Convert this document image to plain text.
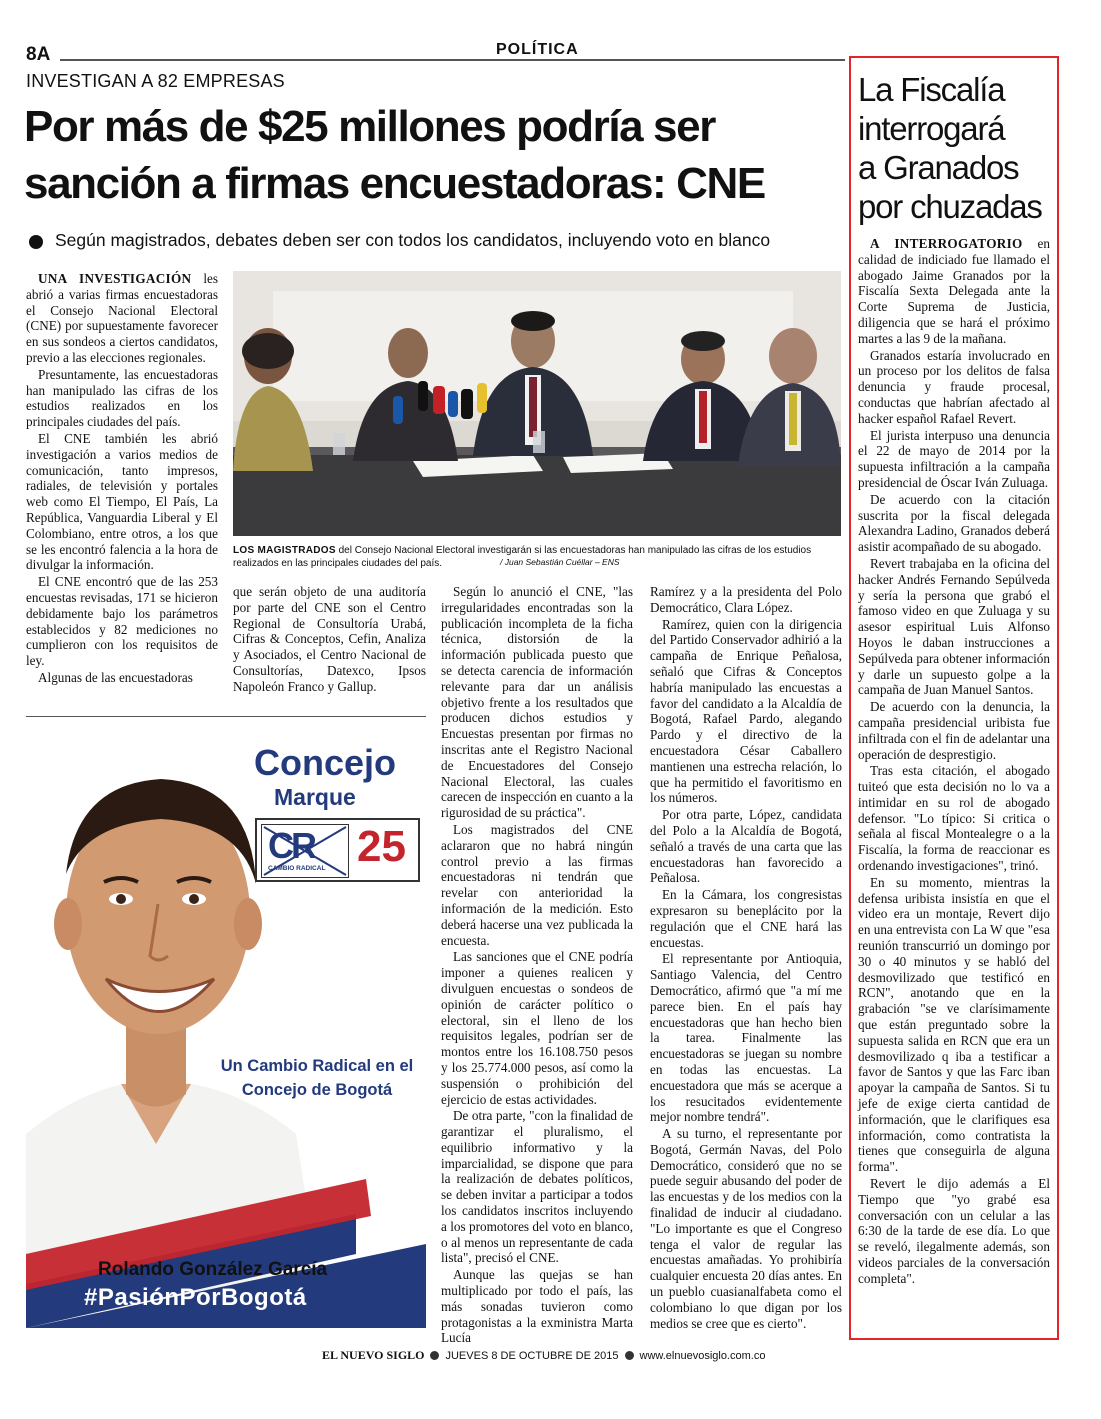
8A	POLÍTICA
INVESTIGAN A 82 EMPRESAS
Por más de $25 millones podría ser
sanción a firmas encuestadoras: CNE
Según magistrados, debates deben ser con todos los candidatos, incluyendo voto en blanco

UNA INVESTIGACIÓN les abrió a varias firmas encuestadoras el Consejo Nacional Electoral (CNE) por supuestamente favorecer en sus sondeos a ciertos candidatos, previo a las elecciones regionales.

Presuntamente, las encuestadoras han manipulado las cifras de los estudios realizados en los principales ciudades del país.

El CNE también les abrió investigación a varios medios de comunicación, tanto impresos, radiales, de televisión y portales web como El Tiempo, El País, La República, Vanguardia Liberal y El Colombiano, entre otros, a los que se les encontró falencia a la hora de divulgar la información.

El CNE encontró que de las 253 encuestas revisadas, 171 se hicieron debidamente bajo los parámetros establecidos y 82 mediciones no cumplieron con los requisitos de ley.

Algunas de las encuestadoras

/ Juan Sebastián Cuéllar – ENS
LOS MAGISTRADOS del Consejo Nacional Electoral investigarán si las encuestadoras han manipulado las cifras de los estudios realizados en las principales ciudades del país.

que serán objeto de una auditoría por parte del CNE son el Centro Regional de Consultoría Urabá, Cifras & Conceptos, Cefin, Analiza y Asociados, el Centro Nacional de Consultorías, Datexco, Ipsos Napoleón Franco y Gallup.

Según lo anunció el CNE, "las irregularidades encontradas son la publicación incompleta de la ficha técnica, distorsión de la información publicada puesto que se detecta carencia de información relevante para dar un análisis objetivo frente a los resultados que producen dichos estudios y Encuestas presentan por firmas no inscritas ante el Registro Nacional de Encuestadores del Consejo Nacional Electoral, las cuales carecen de inspección en cuanto a la rigurosidad de su práctica".

Los magistrados del CNE aclararon que no habrá ningún control previo a las firmas encuestadoras ni tendrán que revelar con anterioridad la información de la medición. Esto deberá hacerse una vez publicada la encuesta.

Las sanciones que el CNE podría imponer a quienes realicen y divulguen encuestas o sondeos de opinión de carácter político o electoral, sin el lleno de los requisitos legales, podrían ser de montos entre los 16.108.750 pesos y los 25.774.000 pesos, así como la suspensión o prohibición del ejercicio de estas actividades.

De otra parte, "con la finalidad de garantizar el pluralismo, el equilibrio informativo y la imparcialidad, se dispone que para la realización de debates políticos, se deben invitar a participar a todos los candidatos inscritos incluyendo a los promotores del voto en blanco, o al menos un representante de cada lista", precisó el CNE.

Aunque las quejas se han multiplicado por todo el país, las más sonadas tuvieron como protagonistas a la exministra Marta Lucía

Ramírez y a la presidenta del Polo Democrático, Clara López.

Ramírez, quien con la dirigencia del Partido Conservador adhirió a la campaña de Enrique Peñalosa, señaló que Cifras & Conceptos habría manipulado las encuestas a favor del candidato a la Alcaldía de Bogotá, Rafael Pardo, alegando Pardo y el directivo de la encuestadora César Caballero mantienen una estrecha relación, lo que ha permitido el favoritismo en los números.

Por otra parte, López, candidata del Polo a la Alcaldía de Bogotá, señaló a través de una carta que las encuestadoras han favorecido a Peñalosa.

En la Cámara, los congresistas expresaron su beneplácito por la regulación que el CNE hará las encuestas.

El representante por Antioquia, Santiago Valencia, del Centro Democrático, afirmó que "a mí me parece bien. En el país hay encuestadoras que han hecho bien la tarea. Finalmente las encuestadoras se juegan su nombre en todas las encuestas. La encuestadora que más se acerque a los resucitados evidentemente mejor nombre tendrá".

A su turno, el representante por Bogotá, Germán Navas, del Polo Democrático, consideró que no se puede seguir abusando del poder de las encuestas y de los medios con la finalidad de inducir al ciudadano. "Lo importante es que el Congreso tenga el valor de regular las encuestas amañadas. Yo prohibiría cualquier encuesta 20 días antes. En un pueblo cuasianalfabeta como el colombiano lo que digan por los medios se cree que es cierto".

Concejo
Marque
CR
CAMBIO RADICAL 25
Un Cambio Radical en el
Concejo de Bogotá
Rolando González García
#PasiónPorBogotá
La Fiscalía
interrogará
a Granados
por chuzadas

A INTERROGATORIO en calidad de indiciado fue llamado el abogado Jaime Granados por la Fiscalía Sexta Delegada ante la Corte Suprema de Justicia, diligencia que se hará el próximo martes a las 9 de la mañana.

Granados estaría involucrado en un proceso por los delitos de falsa denuncia y fraude procesal, conductas que habrían afectado al hacker español Rafael Revert.

El jurista interpuso una denuncia el 22 de mayo de 2014 por la supuesta infiltración a la campaña presidencial de Óscar Iván Zuluaga.

De acuerdo con la citación suscrita por la fiscal delegada Alexandra Ladino, Granados deberá asistir acompañado de su abogado.

Revert trabajaba en la oficina del hacker Andrés Fernando Sepúlveda y sería la persona que grabó el famoso video en que Zuluaga y su asesor espiritual Luis Alfonso Hoyos le daban instrucciones a Sepúlveda para obtener información y darle un supuesto golpe a la campaña de Juan Manuel Santos.

De acuerdo con la denuncia, la campaña presidencial uribista fue infiltrada con el fin de adelantar una operación de desprestigio.

Tras esta citación, el abogado tuiteó que esta decisión no lo va a intimidar en su rol de abogado defensor. "Lo típico: Si critica o señala al fiscal Montealegre o a la Fiscalía, la forma de reaccionar es ordenando investigaciones", trinó.

En su momento, mientras la defensa uribista insistía en que el video era un montaje, Revert dijo en una entrevista con La W que "esa reunión transcurrió un domingo por 30 o 40 minutos y se habló del desmovilizado que testificó en RCN", anotando que en la grabación "se ve clarísimamente que están preguntado sobre la supuesta salida en RCN que era un desmovilizado q iba a testificar a favor de Santos y que las Farc iban apoyar la campaña de Santos. Si tu jefe de exige cierta cantidad de información, que le clarifiques esa información, como contratista la tienes que conseguirla de alguna forma".

Revert le dijo además a El Tiempo que "yo grabé esa conversación con un celular a las 6:30 de la tarde de ese día. Lo que se reveló, ilegalmente además, son videos parciales de la conversación completa".

EL NUEVO SIGLO JUEVES 8 DE OCTUBRE DE 2015 www.elnuevosiglo.com.co
